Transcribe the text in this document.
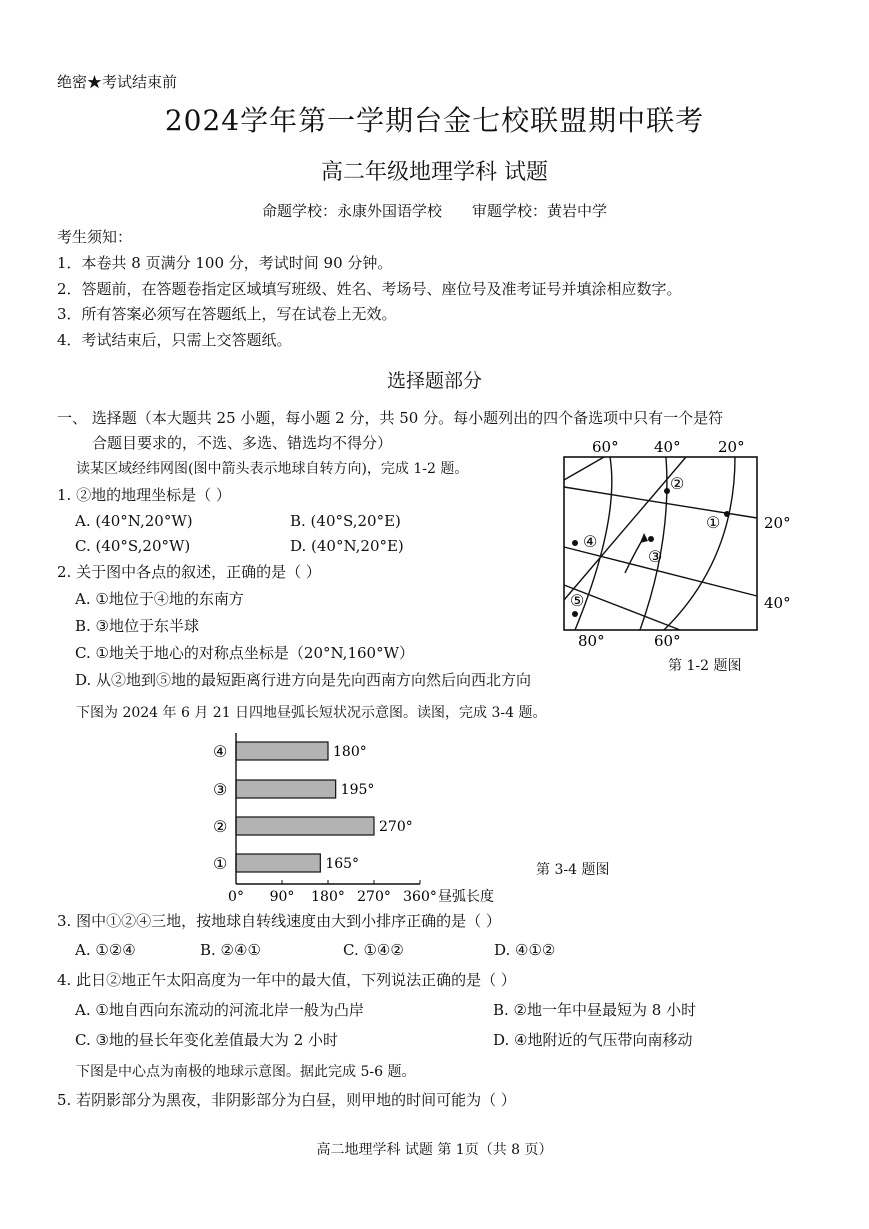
绝密★考试结束前
2024学年第一学期台金七校联盟期中联考
高二年级地理学科 试题
命题学校：永康外国语学校　　审题学校：黄岩中学
考生须知：
1．本卷共 8 页满分 100 分，考试时间 90 分钟。
2．答题前，在答题卷指定区域填写班级、姓名、考场号、座位号及准考证号并填涂相应数字。
3．所有答案必须写在答题纸上，写在试卷上无效。
4．考试结束后，只需上交答题纸。
选择题部分
一、 选择题（本大题共 25 小题，每小题 2 分，共 50 分。每小题列出的四个备选项中只有一个是符
合题目要求的，不选、多选、错选均不得分）
读某区域经纬网图(图中箭头表示地球自转方向)，完成 1-2 题。
1. ②地的地理坐标是（ ）
A. (40°N,20°W)	B. (40°S,20°E)
C. (40°S,20°W)	D. (40°N,20°E)
2. 关于图中各点的叙述，正确的是（ ）
A. ①地位于④地的东南方
B. ③地位于东半球
C. ①地关于地心的对称点坐标是（20°N,160°W）
D. 从②地到⑤地的最短距离行进方向是先向西南方向然后向西北方向
60° 40° 20°
80°	60°
20°
40°
②
①
③
④
⑤
第 1-2 题图
下图为 2024 年 6 月 21 日四地昼弧长短状况示意图。读图，完成 3-4 题。
④	180°
③	195°
②	270°
①	165°
0° 90° 180° 270° 360° 昼弧长度
第 3-4 题图
3. 图中①②④三地，按地球自转线速度由大到小排序正确的是（ ）
A. ①②④	B. ②④①	C. ①④②	D. ④①②
4. 此日②地正午太阳高度为一年中的最大值，下列说法正确的是（ ）
A. ①地自西向东流动的河流北岸一般为凸岸	B. ②地一年中昼最短为 8 小时
C. ③地的昼长年变化差值最大为 2 小时	D. ④地附近的气压带向南移动
下图是中心点为南极的地球示意图。据此完成 5-6 题。
5. 若阴影部分为黑夜，非阴影部分为白昼，则甲地的时间可能为（ ）
高二地理学科 试题 第 1页（共 8 页）
